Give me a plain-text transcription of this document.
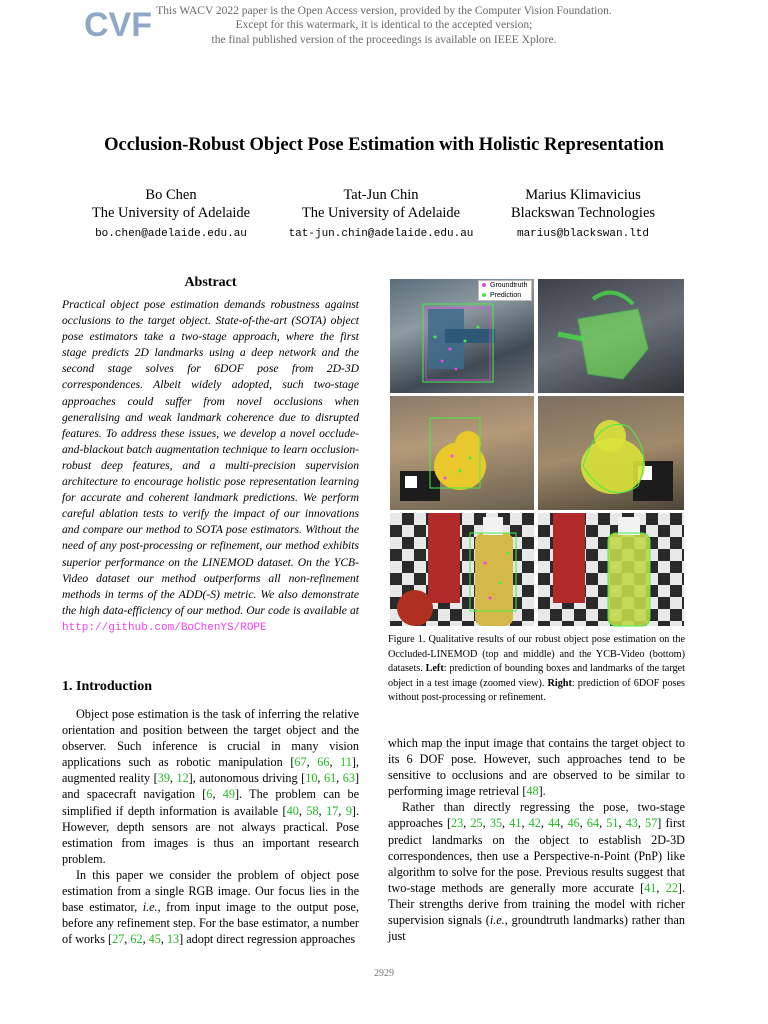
CVF This WACV 2022 paper is the Open Access version, provided by the Computer Vision Foundation.
Except for this watermark, it is identical to the accepted version;
the final published version of the proceedings is available on IEEE Xplore.
Occlusion-Robust Object Pose Estimation with Holistic Representation
Bo Chen
The University of Adelaide
bo.chen@adelaide.edu.au
Tat-Jun Chin
The University of Adelaide
tat-jun.chin@adelaide.edu.au
Marius Klimavicius
Blackswan Technologies
marius@blackswan.ltd
Abstract
Practical object pose estimation demands robustness against occlusions to the target object. State-of-the-art (SOTA) object pose estimators take a two-stage approach, where the first stage predicts 2D landmarks using a deep network and the second stage solves for 6DOF pose from 2D-3D correspondences. Albeit widely adopted, such two-stage approaches could suffer from novel occlusions when generalising and weak landmark coherence due to disrupted features. To address these issues, we develop a novel occlude-and-blackout batch augmentation technique to learn occlusion-robust deep features, and a multi-precision supervision architecture to encourage holistic pose representation learning for accurate and coherent landmark predictions. We perform careful ablation tests to verify the impact of our innovations and compare our method to SOTA pose estimators. Without the need of any post-processing or refinement, our method exhibits superior performance on the LINEMOD dataset. On the YCB-Video dataset our method outperforms all non-refinement methods in terms of the ADD(-S) metric. We also demonstrate the high data-efficiency of our method. Our code is available at http://github.com/BoChenYS/ROPE
1. Introduction

Object pose estimation is the task of inferring the relative orientation and position between the target object and the observer. Such inference is crucial in many vision applications such as robotic manipulation [67, 66, 11], augmented reality [39, 12], autonomous driving [10, 61, 63] and spacecraft navigation [6, 49]. The problem can be simplified if depth information is available [40, 58, 17, 9]. However, depth sensors are not always practical. Pose estimation from images is thus an important research problem.

In this paper we consider the problem of object pose estimation from a single RGB image. Our focus lies in the base estimator, i.e., from input image to the output pose, before any refinement step. For the base estimator, a number of works [27, 62, 45, 13] adopt direct regression approaches

which map the input image that contains the target object to its 6 DOF pose. However, such approaches tend to be sensitive to occlusions and are observed to be similar to performing image retrieval [48].

Rather than directly regressing the pose, two-stage approaches [23, 25, 35, 41, 42, 44, 46, 64, 51, 43, 57] first predict landmarks on the object to establish 2D-3D correspondences, then use a Perspective-n-Point (PnP) like algorithm to solve for the pose. Previous results suggest that two-stage methods are generally more accurate [41, 22]. Their strengths derive from training the model with richer supervision signals (i.e., groundtruth landmarks) rather than just

Groundtruth
Prediction
Figure 1. Qualitative results of our robust object pose estimation on the Occluded-LINEMOD (top and middle) and the YCB-Video (bottom) datasets. Left: prediction of bounding boxes and landmarks of the target object in a test image (zoomed view). Right: prediction of 6DOF poses without post-processing or refinement.
2929
